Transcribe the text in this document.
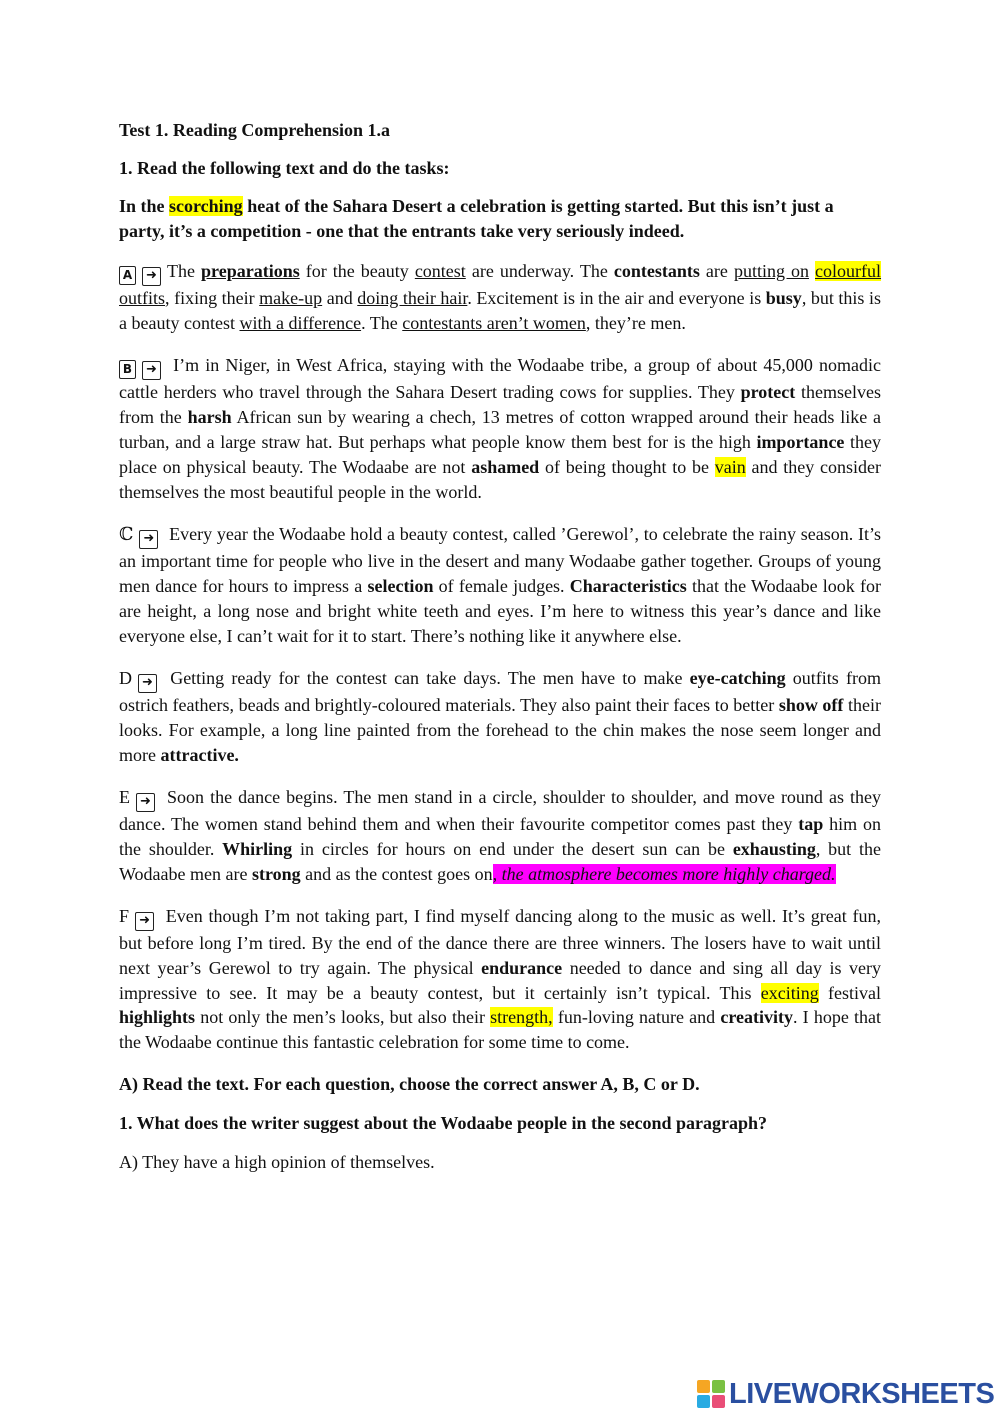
Test 1. Reading Comprehension 1.a

1. Read the following text and do the tasks:

In the scorching heat of the Sahara Desert a celebration is getting started. But this isn’t just a party, it’s a competition - one that the entrants take very seriously indeed.

A ➜ The preparations for the beauty contest are underway. The contestants are putting on colourful outfits, fixing their make-up and doing their hair. Excitement is in the air and everyone is busy, but this is a beauty contest with a difference. The contestants aren’t women, they’re men.

B ➜ I’m in Niger, in West Africa, staying with the Wodaabe tribe, a group of about 45,000 nomadic cattle herders who travel through the Sahara Desert trading cows for supplies. They protect themselves from the harsh African sun by wearing a chech, 13 metres of cotton wrapped around their heads like a turban, and a large straw hat. But perhaps what people know them best for is the high importance they place on physical beauty. The Wodaabe are not ashamed of being thought to be vain and they consider themselves the most beautiful people in the world.

ℂ ➜ Every year the Wodaabe hold a beauty contest, called ’Gerewol’, to celebrate the rainy season. It’s an important time for people who live in the desert and many Wodaabe gather together. Groups of young men dance for hours to impress a selection of female judges. Characteristics that the Wodaabe look for are height, a long nose and bright white teeth and eyes. I’m here to witness this year’s dance and like everyone else, I can’t wait for it to start. There’s nothing like it anywhere else.

D ➜ Getting ready for the contest can take days. The men have to make eye-catching outfits from ostrich feathers, beads and brightly-coloured materials. They also paint their faces to better show off their looks. For example, a long line painted from the forehead to the chin makes the nose seem longer and more attractive.

E ➜ Soon the dance begins. The men stand in a circle, shoulder to shoulder, and move round as they dance. The women stand behind them and when their favourite competitor comes past they tap him on the shoulder. Whirling in circles for hours on end under the desert sun can be exhausting, but the Wodaabe men are strong and as the contest goes on, the atmosphere becomes more highly charged.

F ➜ Even though I’m not taking part, I find myself dancing along to the music as well. It’s great fun, but before long I’m tired. By the end of the dance there are three winners. The losers have to wait until next year’s Gerewol to try again. The physical endurance needed to dance and sing all day is very impressive to see. It may be a beauty contest, but it certainly isn’t typical. This exciting festival highlights not only the men’s looks, but also their strength, fun-loving nature and creativity. I hope that the Wodaabe continue this fantastic celebration for some time to come.

A) Read the text. For each question, choose the correct answer A, B, C or D.

1. What does the writer suggest about the Wodaabe people in the second paragraph?

A) They have a high opinion of themselves.

LIVEWORKSHEETS
